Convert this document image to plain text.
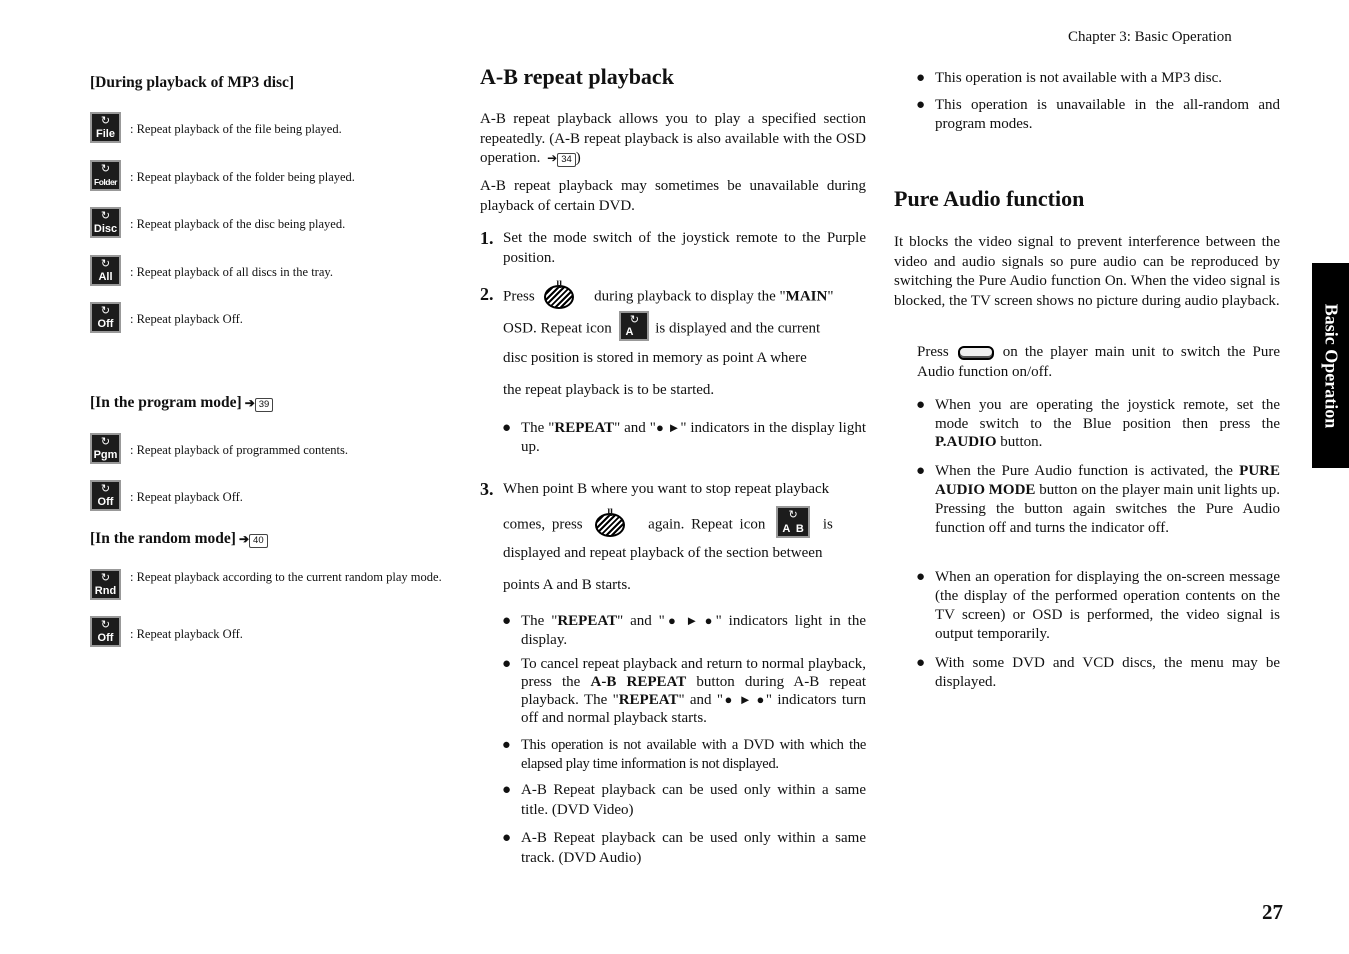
Chapter 3: Basic Operation
27
Basic Operation
[During playback of MP3 disc]
↻
File	: Repeat playback of the file being played.
↻
Folder : Repeat playback of the folder being played.
↻
Disc : Repeat playback of the disc being played.
↻
All	: Repeat playback of all discs in the tray.
↻
Off	: Repeat playback Off.
[In the program mode] ➔ 39
↻
Pgm : Repeat playback of programmed contents.
↻
Off	: Repeat playback Off.
[In the random mode] ➔ 40
↻
Rnd
: Repeat playback according to the current random play mode.
↻
Off	: Repeat playback Off.
A-B repeat playback
A-B repeat playback allows you to play a specified section repeatedly. (A-B repeat playback is also available with the OSD operation. ➔ 34 )
A-B repeat playback may sometimes be unavailable during playback of certain DVD.
1. Set the mode switch of the joystick remote to the Purple position.
2. Press
ll
during playback to display the "MAIN"
OSD. Repeat icon
↻
A is displayed and the current
disc position is stored in memory as point A where
the repeat playback is to be started.
● The "REPEAT" and "● ►" indicators in the display light up.
3. When point B where you want to stop repeat playback
comes, press
ll
again. Repeat icon
↻
A B is
displayed and repeat playback of the section between
points A and B starts.
● The "REPEAT" and "● ► ●" indicators light in the display.
● To cancel repeat playback and return to normal playback, press the A-B REPEAT button during A-B repeat playback. The "REPEAT" and "● ► ●" indicators turn off and normal playback starts.
● This operation is not available with a DVD with which the elapsed play time information is not displayed.
● A-B Repeat playback can be used only within a same title. (DVD Video)
● A-B Repeat playback can be used only within a same track. (DVD Audio)
● This operation is not available with a MP3 disc.
● This operation is unavailable in the all-random and program modes.
Pure Audio function
It blocks the video signal to prevent interference between the video and audio signals so pure audio can be reproduced by switching the Pure Audio function On. When the video signal is blocked, the TV screen shows no picture during audio playback.
Press	on the player main unit to switch the Pure Audio function on/off.
● When you are operating the joystick remote, set the mode switch to the Blue position then press the P.AUDIO button.
● When the Pure Audio function is activated, the PURE AUDIO MODE button on the player main unit lights up. Pressing the button again switches the Pure Audio function off and turns the indicator off.
● When an operation for displaying the on-screen message (the display of the performed operation contents on the TV screen) or OSD is performed, the video signal is output temporarily.
● With some DVD and VCD discs, the menu may be displayed.
